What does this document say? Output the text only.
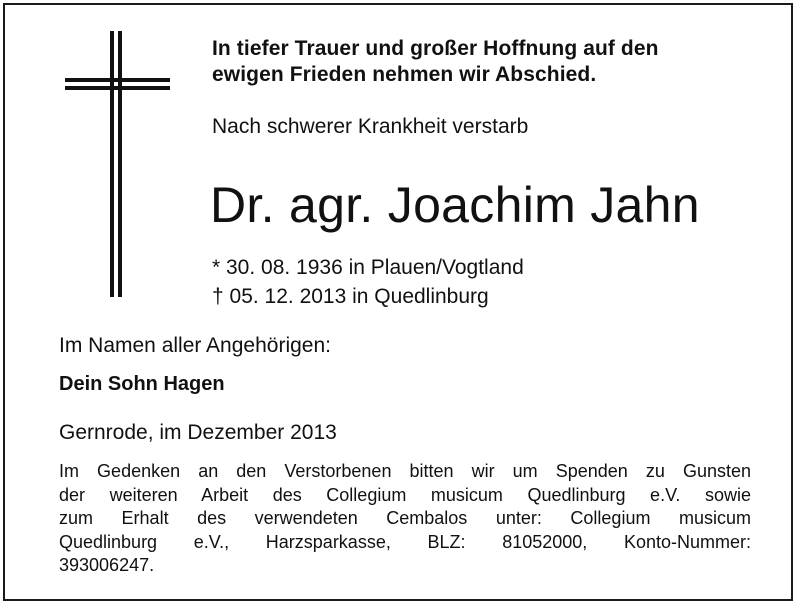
In tiefer Trauer und großer Hoffnung auf den
ewigen Frieden nehmen wir Abschied.
Nach schwerer Krankheit verstarb
Dr. agr. Joachim Jahn
* 30. 08. 1936 in Plauen/Vogtland
† 05. 12. 2013 in Quedlinburg
Im Namen aller Angehörigen:
Dein Sohn Hagen
Gernrode, im Dezember 2013
Im Gedenken an den Verstorbenen bitten wir um Spenden zu Gunsten
der weiteren Arbeit des Collegium musicum Quedlinburg e.V. sowie
zum Erhalt des verwendeten Cembalos unter: Collegium musicum
Quedlinburg e.V., Harzsparkasse, BLZ: 81052000, Konto-Nummer:
393006247.
